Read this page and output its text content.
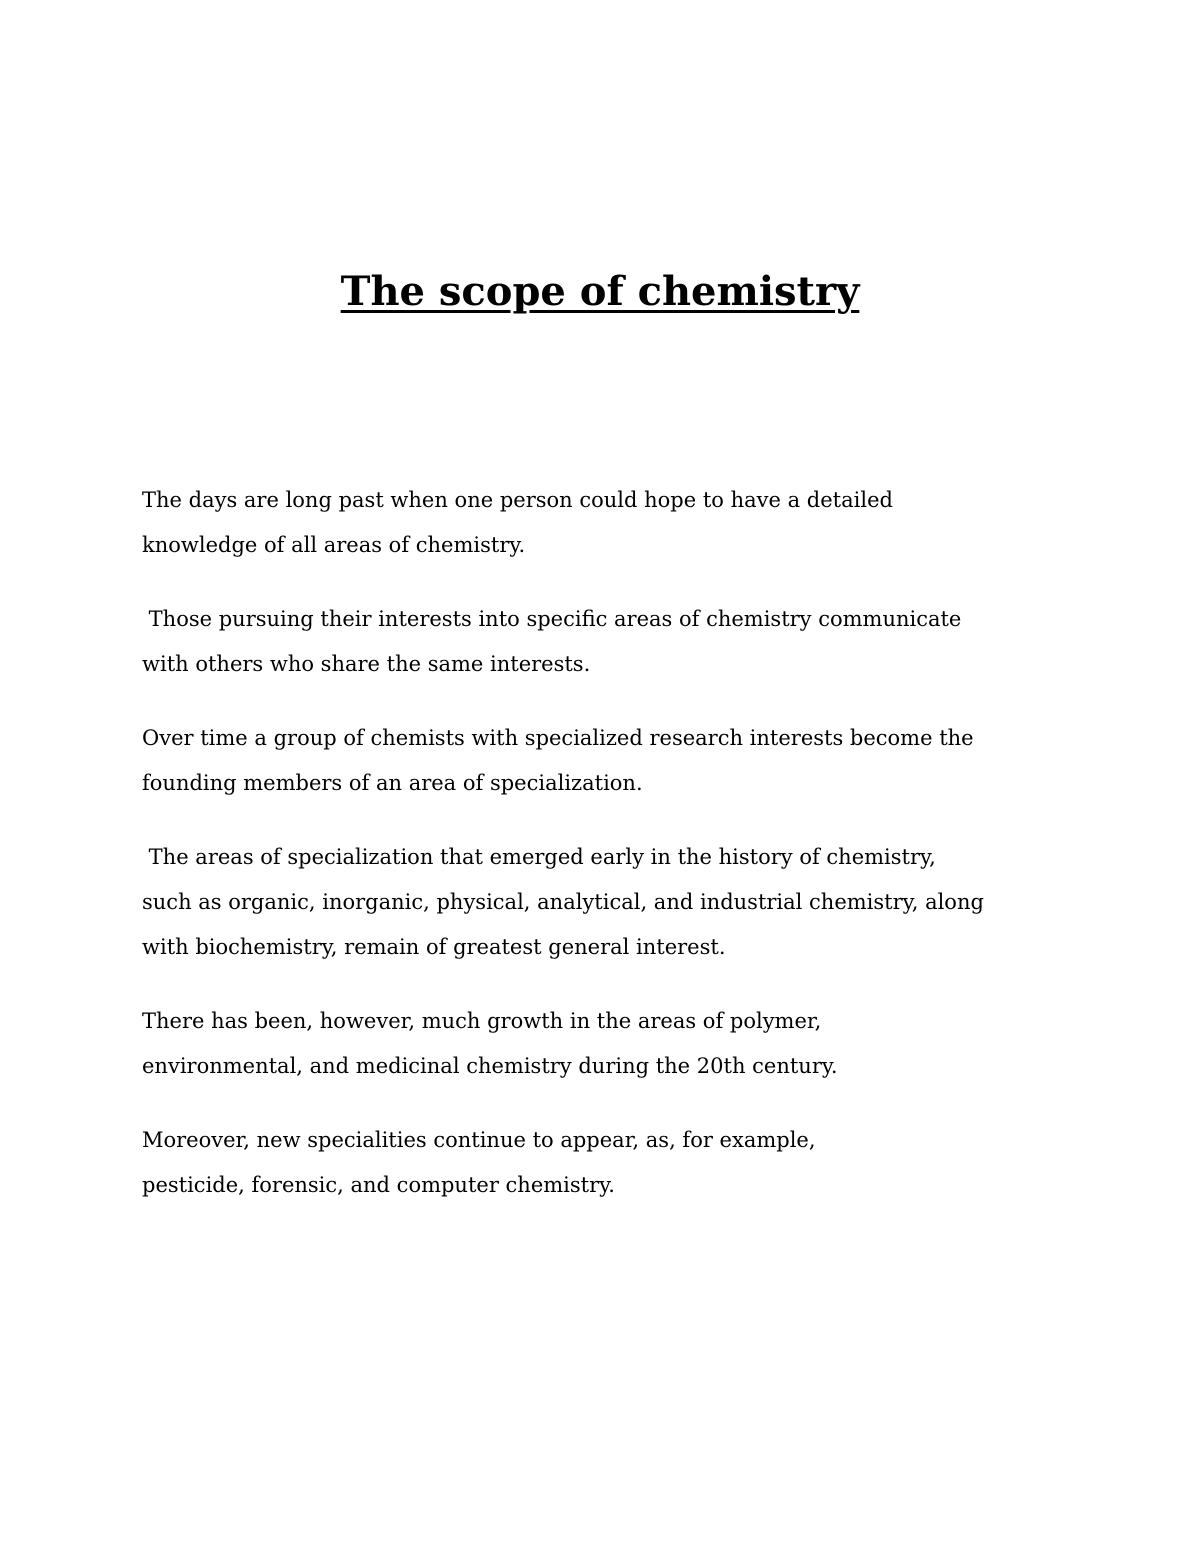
The scope of chemistry

The days are long past when one person could hope to have a detailed
knowledge of all areas of chemistry.

Those pursuing their interests into specific areas of chemistry communicate
with others who share the same interests.

Over time a group of chemists with specialized research interests become the
founding members of an area of specialization.

The areas of specialization that emerged early in the history of chemistry,
such as organic, inorganic, physical, analytical, and industrial chemistry, along
with biochemistry, remain of greatest general interest.

There has been, however, much growth in the areas of polymer,
environmental, and medicinal chemistry during the 20th century.

Moreover, new specialities continue to appear, as, for example,
pesticide, forensic, and computer chemistry.
